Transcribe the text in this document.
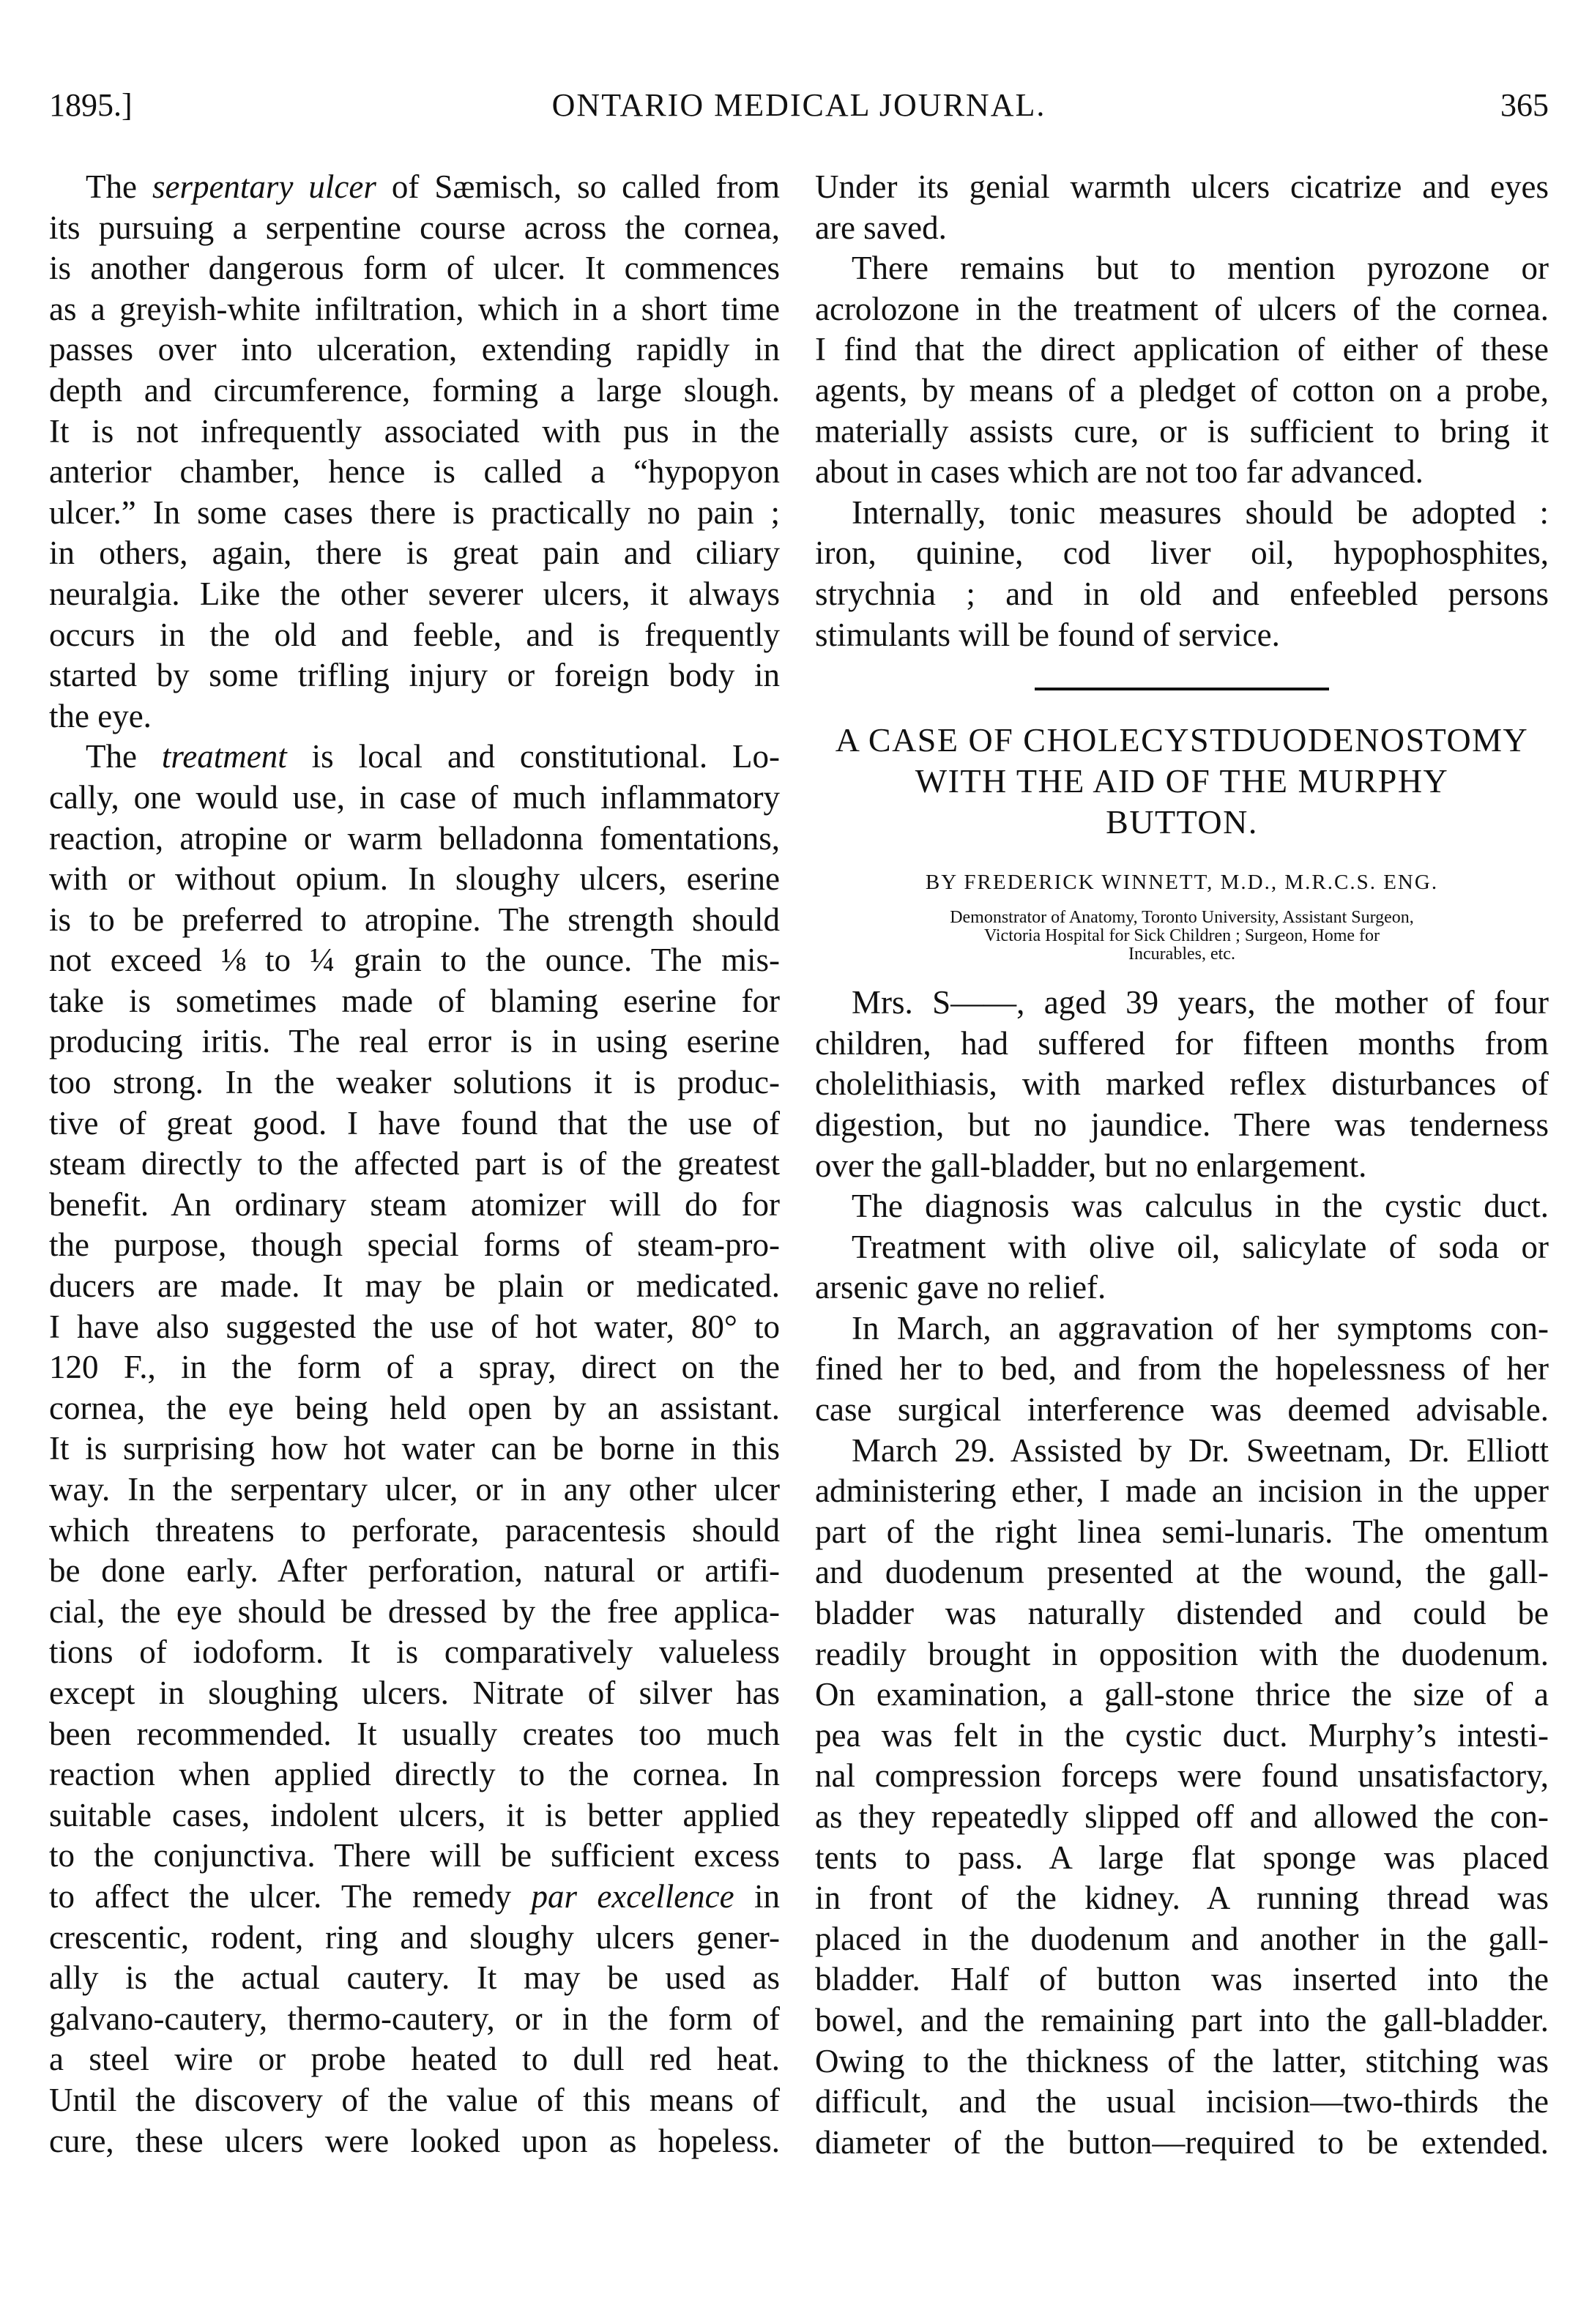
1895.]	ONTARIO MEDICAL JOURNAL.	365
The serpentary ulcer of Sæmisch, so called from
its pursuing a serpentine course across the cornea,
is another dangerous form of ulcer. It commences
as a greyish-white infiltration, which in a short time
passes over into ulceration, extending rapidly in
depth and circumference, forming a large slough.
It is not infrequently associated with pus in the
anterior chamber, hence is called a “hypopyon
ulcer.” In some cases there is practically no pain ;
in others, again, there is great pain and ciliary
neuralgia. Like the other severer ulcers, it always
occurs in the old and feeble, and is frequently
started by some trifling injury or foreign body in
the eye.
The treatment is local and constitutional. Lo-
cally, one would use, in case of much inflammatory
reaction, atropine or warm belladonna fomentations,
with or without opium. In sloughy ulcers, eserine
is to be preferred to atropine. The strength should
not exceed ⅛ to ¼ grain to the ounce. The mis-
take is sometimes made of blaming eserine for
producing iritis. The real error is in using eserine
too strong. In the weaker solutions it is produc-
tive of great good. I have found that the use of
steam directly to the affected part is of the greatest
benefit. An ordinary steam atomizer will do for
the purpose, though special forms of steam-pro-
ducers are made. It may be plain or medicated.
I have also suggested the use of hot water, 80° to
120 F., in the form of a spray, direct on the
cornea, the eye being held open by an assistant.
It is surprising how hot water can be borne in this
way. In the serpentary ulcer, or in any other ulcer
which threatens to perforate, paracentesis should
be done early. After perforation, natural or artifi-
cial, the eye should be dressed by the free applica-
tions of iodoform. It is comparatively valueless
except in sloughing ulcers. Nitrate of silver has
been recommended. It usually creates too much
reaction when applied directly to the cornea. In
suitable cases, indolent ulcers, it is better applied
to the conjunctiva. There will be sufficient excess
to affect the ulcer. The remedy par excellence in
crescentic, rodent, ring and sloughy ulcers gener-
ally is the actual cautery. It may be used as
galvano-cautery, thermo-cautery, or in the form of
a steel wire or probe heated to dull red heat.
Until the discovery of the value of this means of
cure, these ulcers were looked upon as hopeless.
Under its genial warmth ulcers cicatrize and eyes
are saved.
There remains but to mention pyrozone or
acrolozone in the treatment of ulcers of the cornea.
I find that the direct application of either of these
agents, by means of a pledget of cotton on a probe,
materially assists cure, or is sufficient to bring it
about in cases which are not too far advanced.
Internally, tonic measures should be adopted :
iron, quinine, cod liver oil, hypophosphites,
strychnia ; and in old and enfeebled persons
stimulants will be found of service.
A CASE OF CHOLECYSTDUODENOSTOMY
WITH THE AID OF THE MURPHY
BUTTON.
BY FREDERICK WINNETT, M.D., M.R.C.S. ENG.
Demonstrator of Anatomy, Toronto University, Assistant Surgeon,
Victoria Hospital for Sick Children ; Surgeon, Home for
Incurables, etc.
Mrs. S——, aged 39 years, the mother of four
children, had suffered for fifteen months from
cholelithiasis, with marked reflex disturbances of
digestion, but no jaundice. There was tenderness
over the gall-bladder, but no enlargement.
The diagnosis was calculus in the cystic duct.
Treatment with olive oil, salicylate of soda or
arsenic gave no relief.
In March, an aggravation of her symptoms con-
fined her to bed, and from the hopelessness of her
case surgical interference was deemed advisable.
March 29. Assisted by Dr. Sweetnam, Dr. Elliott
administering ether, I made an incision in the upper
part of the right linea semi-lunaris. The omentum
and duodenum presented at the wound, the gall-
bladder was naturally distended and could be
readily brought in opposition with the duodenum.
On examination, a gall-stone thrice the size of a
pea was felt in the cystic duct. Murphy’s intesti-
nal compression forceps were found unsatisfactory,
as they repeatedly slipped off and allowed the con-
tents to pass. A large flat sponge was placed
in front of the kidney. A running thread was
placed in the duodenum and another in the gall-
bladder. Half of button was inserted into the
bowel, and the remaining part into the gall-bladder.
Owing to the thickness of the latter, stitching was
difficult, and the usual incision—two-thirds the
diameter of the button—required to be extended.
